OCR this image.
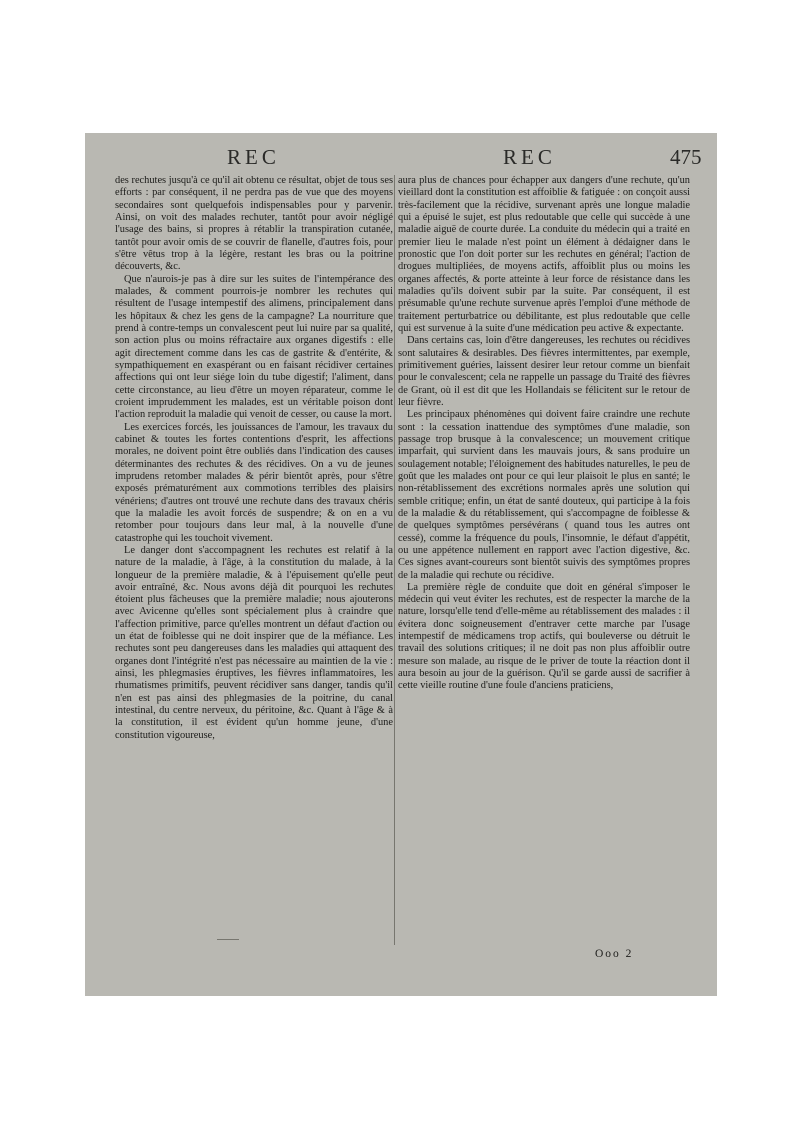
REC	REC	475

des rechutes jusqu'à ce qu'il ait obtenu ce résultat, objet de tous ses efforts : par conséquent, il ne perdra pas de vue que des moyens secondaires sont quelquefois indispensables pour y parvenir. Ainsi, on voit des malades rechuter, tantôt pour avoir négligé l'usage des bains, si propres à rétablir la transpiration cutanée, tantôt pour avoir omis de se couvrir de flanelle, d'autres fois, pour s'être vêtus trop à la légère, restant les bras ou la poitrine découverts, &c.

Que n'aurois-je pas à dire sur les suites de l'intempérance des malades, & comment pourrois-je nombrer les rechutes qui résultent de l'usage intempestif des alimens, principalement dans les hôpitaux & chez les gens de la campagne? La nourriture que prend à contre-temps un convalescent peut lui nuire par sa qualité, son action plus ou moins réfractaire aux organes digestifs : elle agit directement comme dans les cas de gastrite & d'entérite, & sympathiquement en exaspérant ou en faisant récidiver certaines affections qui ont leur siége loin du tube digestif; l'aliment, dans cette circonstance, au lieu d'être un moyen réparateur, comme le croient imprudemment les malades, est un véritable poison dont l'action reproduit la maladie qui venoit de cesser, ou cause la mort.

Les exercices forcés, les jouissances de l'amour, les travaux du cabinet & toutes les fortes contentions d'esprit, les affections morales, ne doivent point être oubliés dans l'indication des causes déterminantes des rechutes & des récidives. On a vu de jeunes imprudens retomber malades & périr bientôt après, pour s'être exposés prématurément aux commotions terribles des plaisirs vénériens; d'autres ont trouvé une rechute dans des travaux chéris que la maladie les avoit forcés de suspendre; & on en a vu retomber pour toujours dans leur mal, à la nouvelle d'une catastrophe qui les touchoit vivement.

Le danger dont s'accompagnent les rechutes est relatif à la nature de la maladie, à l'âge, à la constitution du malade, à la longueur de la première maladie, & à l'épuisement qu'elle peut avoir entraîné, &c. Nous avons déjà dit pourquoi les rechutes étoient plus fâcheuses que la première maladie; nous ajouterons avec Avicenne qu'elles sont spécialement plus à craindre que l'affection primitive, parce qu'elles montrent un défaut d'action ou un état de foiblesse qui ne doit inspirer que de la méfiance. Les rechutes sont peu dangereuses dans les maladies qui attaquent des organes dont l'intégrité n'est pas nécessaire au maintien de la vie : ainsi, les phlegmasies éruptives, les fièvres inflammatoires, les rhumatismes primitifs, peuvent récidiver sans danger, tandis qu'il n'en est pas ainsi des phlegmasies de la poitrine, du canal intestinal, du centre nerveux, du péritoine, &c. Quant à l'âge & à la constitution, il est évident qu'un homme jeune, d'une constitution vigoureuse,

aura plus de chances pour échapper aux dangers d'une rechute, qu'un vieillard dont la constitution est affoiblie & fatiguée : on conçoit aussi très-facilement que la récidive, survenant après une longue maladie qui a épuisé le sujet, est plus redoutable que celle qui succède à une maladie aiguë de courte durée. La conduite du médecin qui a traité en premier lieu le malade n'est point un élément à dédaigner dans le pronostic que l'on doit porter sur les rechutes en général; l'action de drogues multipliées, de moyens actifs, affoiblit plus ou moins les organes affectés, & porte atteinte à leur force de résistance dans les maladies qu'ils doivent subir par la suite. Par conséquent, il est présumable qu'une rechute survenue après l'emploi d'une méthode de traitement perturbatrice ou débilitante, est plus redoutable que celle qui est survenue à la suite d'une médication peu active & expectante.

Dans certains cas, loin d'être dangereuses, les rechutes ou récidives sont salutaires & desirables. Des fièvres intermittentes, par exemple, primitivement guéries, laissent desirer leur retour comme un bienfait pour le convalescent; cela ne rappelle un passage du Traité des fièvres de Grant, où il est dit que les Hollandais se félicitent sur le retour de leur fièvre.

Les principaux phénomènes qui doivent faire craindre une rechute sont : la cessation inattendue des symptômes d'une maladie, son passage trop brusque à la convalescence; un mouvement critique imparfait, qui survient dans les mauvais jours, & sans produire un soulagement notable; l'éloignement des habitudes naturelles, le peu de goût que les malades ont pour ce qui leur plaisoit le plus en santé; le non-rétablissement des excrétions normales après une solution qui semble critique; enfin, un état de santé douteux, qui participe à la fois de la maladie & du rétablissement, qui s'accompagne de foiblesse & de quelques symptômes persévérans ( quand tous les autres ont cessé), comme la fréquence du pouls, l'insomnie, le défaut d'appétit, ou une appétence nullement en rapport avec l'action digestive, &c. Ces signes avant-coureurs sont bientôt suivis des symptômes propres de la maladie qui rechute ou récidive.

La première règle de conduite que doit en général s'imposer le médecin qui veut éviter les rechutes, est de respecter la marche de la nature, lorsqu'elle tend d'elle-même au rétablissement des malades : il évitera donc soigneusement d'entraver cette marche par l'usage intempestif de médicamens trop actifs, qui bouleverse ou détruit le travail des solutions critiques; il ne doit pas non plus affoiblir outre mesure son malade, au risque de le priver de toute la réaction dont il aura besoin au jour de la guérison. Qu'il se garde aussi de sacrifier à cette vieille routine d'une foule d'anciens praticiens,

Ooo 2
